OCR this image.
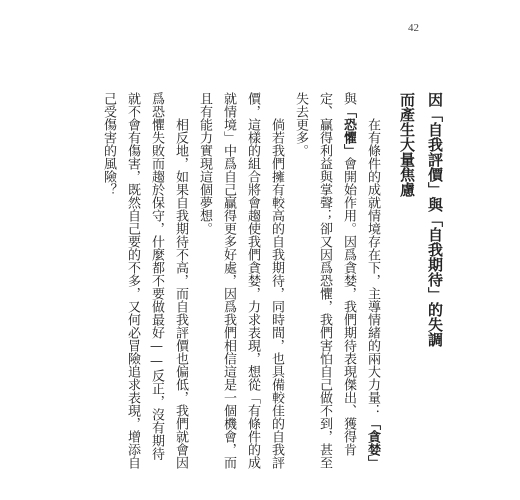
42
因「自我評價」與「自我期待」的失調
而產生大量焦慮

在有條件的成就情境存在下，主導情緒的兩大力量：「貪婪」與「恐懼」會開始作用。因爲貪婪，我們期待表現傑出、獲得肯定、贏得利益與掌聲；卻又因爲恐懼，我們害怕自己做不到，甚至失去更多。

倘若我們擁有較高的自我期待，同時間，也具備較佳的自我評價，這樣的組合將會趨使我們貪婪，力求表現，想從「有條件的成就情境」中爲自己贏得更多好處，因爲我們相信這是一個機會，而且有能力實現這個夢想。

相反地，如果自我期待不高，而自我評價也偏低，我們就會因爲恐懼失敗而趨於保守，什麼都不要做最好——反正，沒有期待就不會有傷害，既然自己要的不多，又何必冒險追求表現，增添自己受傷害的風險？
